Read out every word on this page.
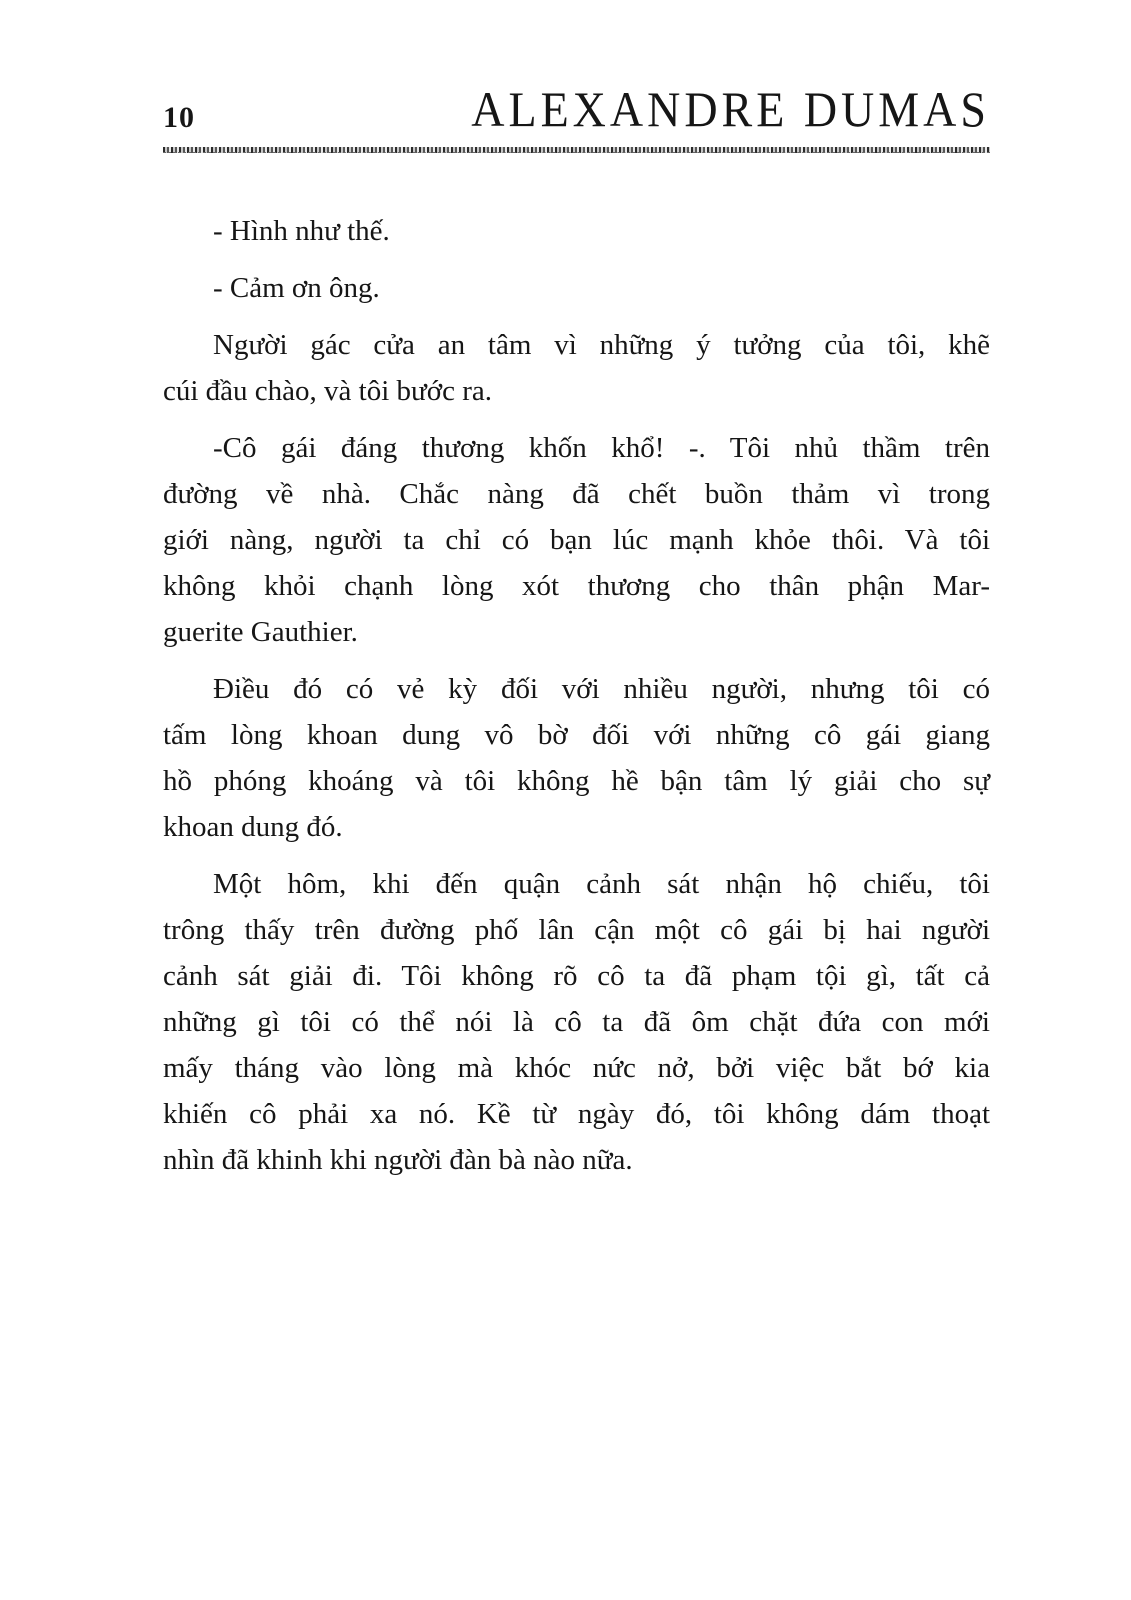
10	ALEXANDRE DUMAS

- Hình như thế.

- Cảm ơn ông.

Người gác cửa an tâm vì những ý tưởng của tôi, khẽ
cúi đầu chào, và tôi bước ra.

-Cô gái đáng thương khốn khổ! -. Tôi nhủ thầm trên
đường về nhà. Chắc nàng đã chết buồn thảm vì trong
giới nàng, người ta chỉ có bạn lúc mạnh khỏe thôi. Và tôi
không khỏi chạnh lòng xót thương cho thân phận Mar-
guerite Gauthier.

Điều đó có vẻ kỳ đối với nhiều người, nhưng tôi có
tấm lòng khoan dung vô bờ đối với những cô gái giang
hồ phóng khoáng và tôi không hề bận tâm lý giải cho sự
khoan dung đó.

Một hôm, khi đến quận cảnh sát nhận hộ chiếu, tôi
trông thấy trên đường phố lân cận một cô gái bị hai người
cảnh sát giải đi. Tôi không rõ cô ta đã phạm tội gì, tất cả
những gì tôi có thể nói là cô ta đã ôm chặt đứa con mới
mấy tháng vào lòng mà khóc nức nở, bởi việc bắt bớ kia
khiến cô phải xa nó. Kề từ ngày đó, tôi không dám thoạt
nhìn đã khinh khi người đàn bà nào nữa.
